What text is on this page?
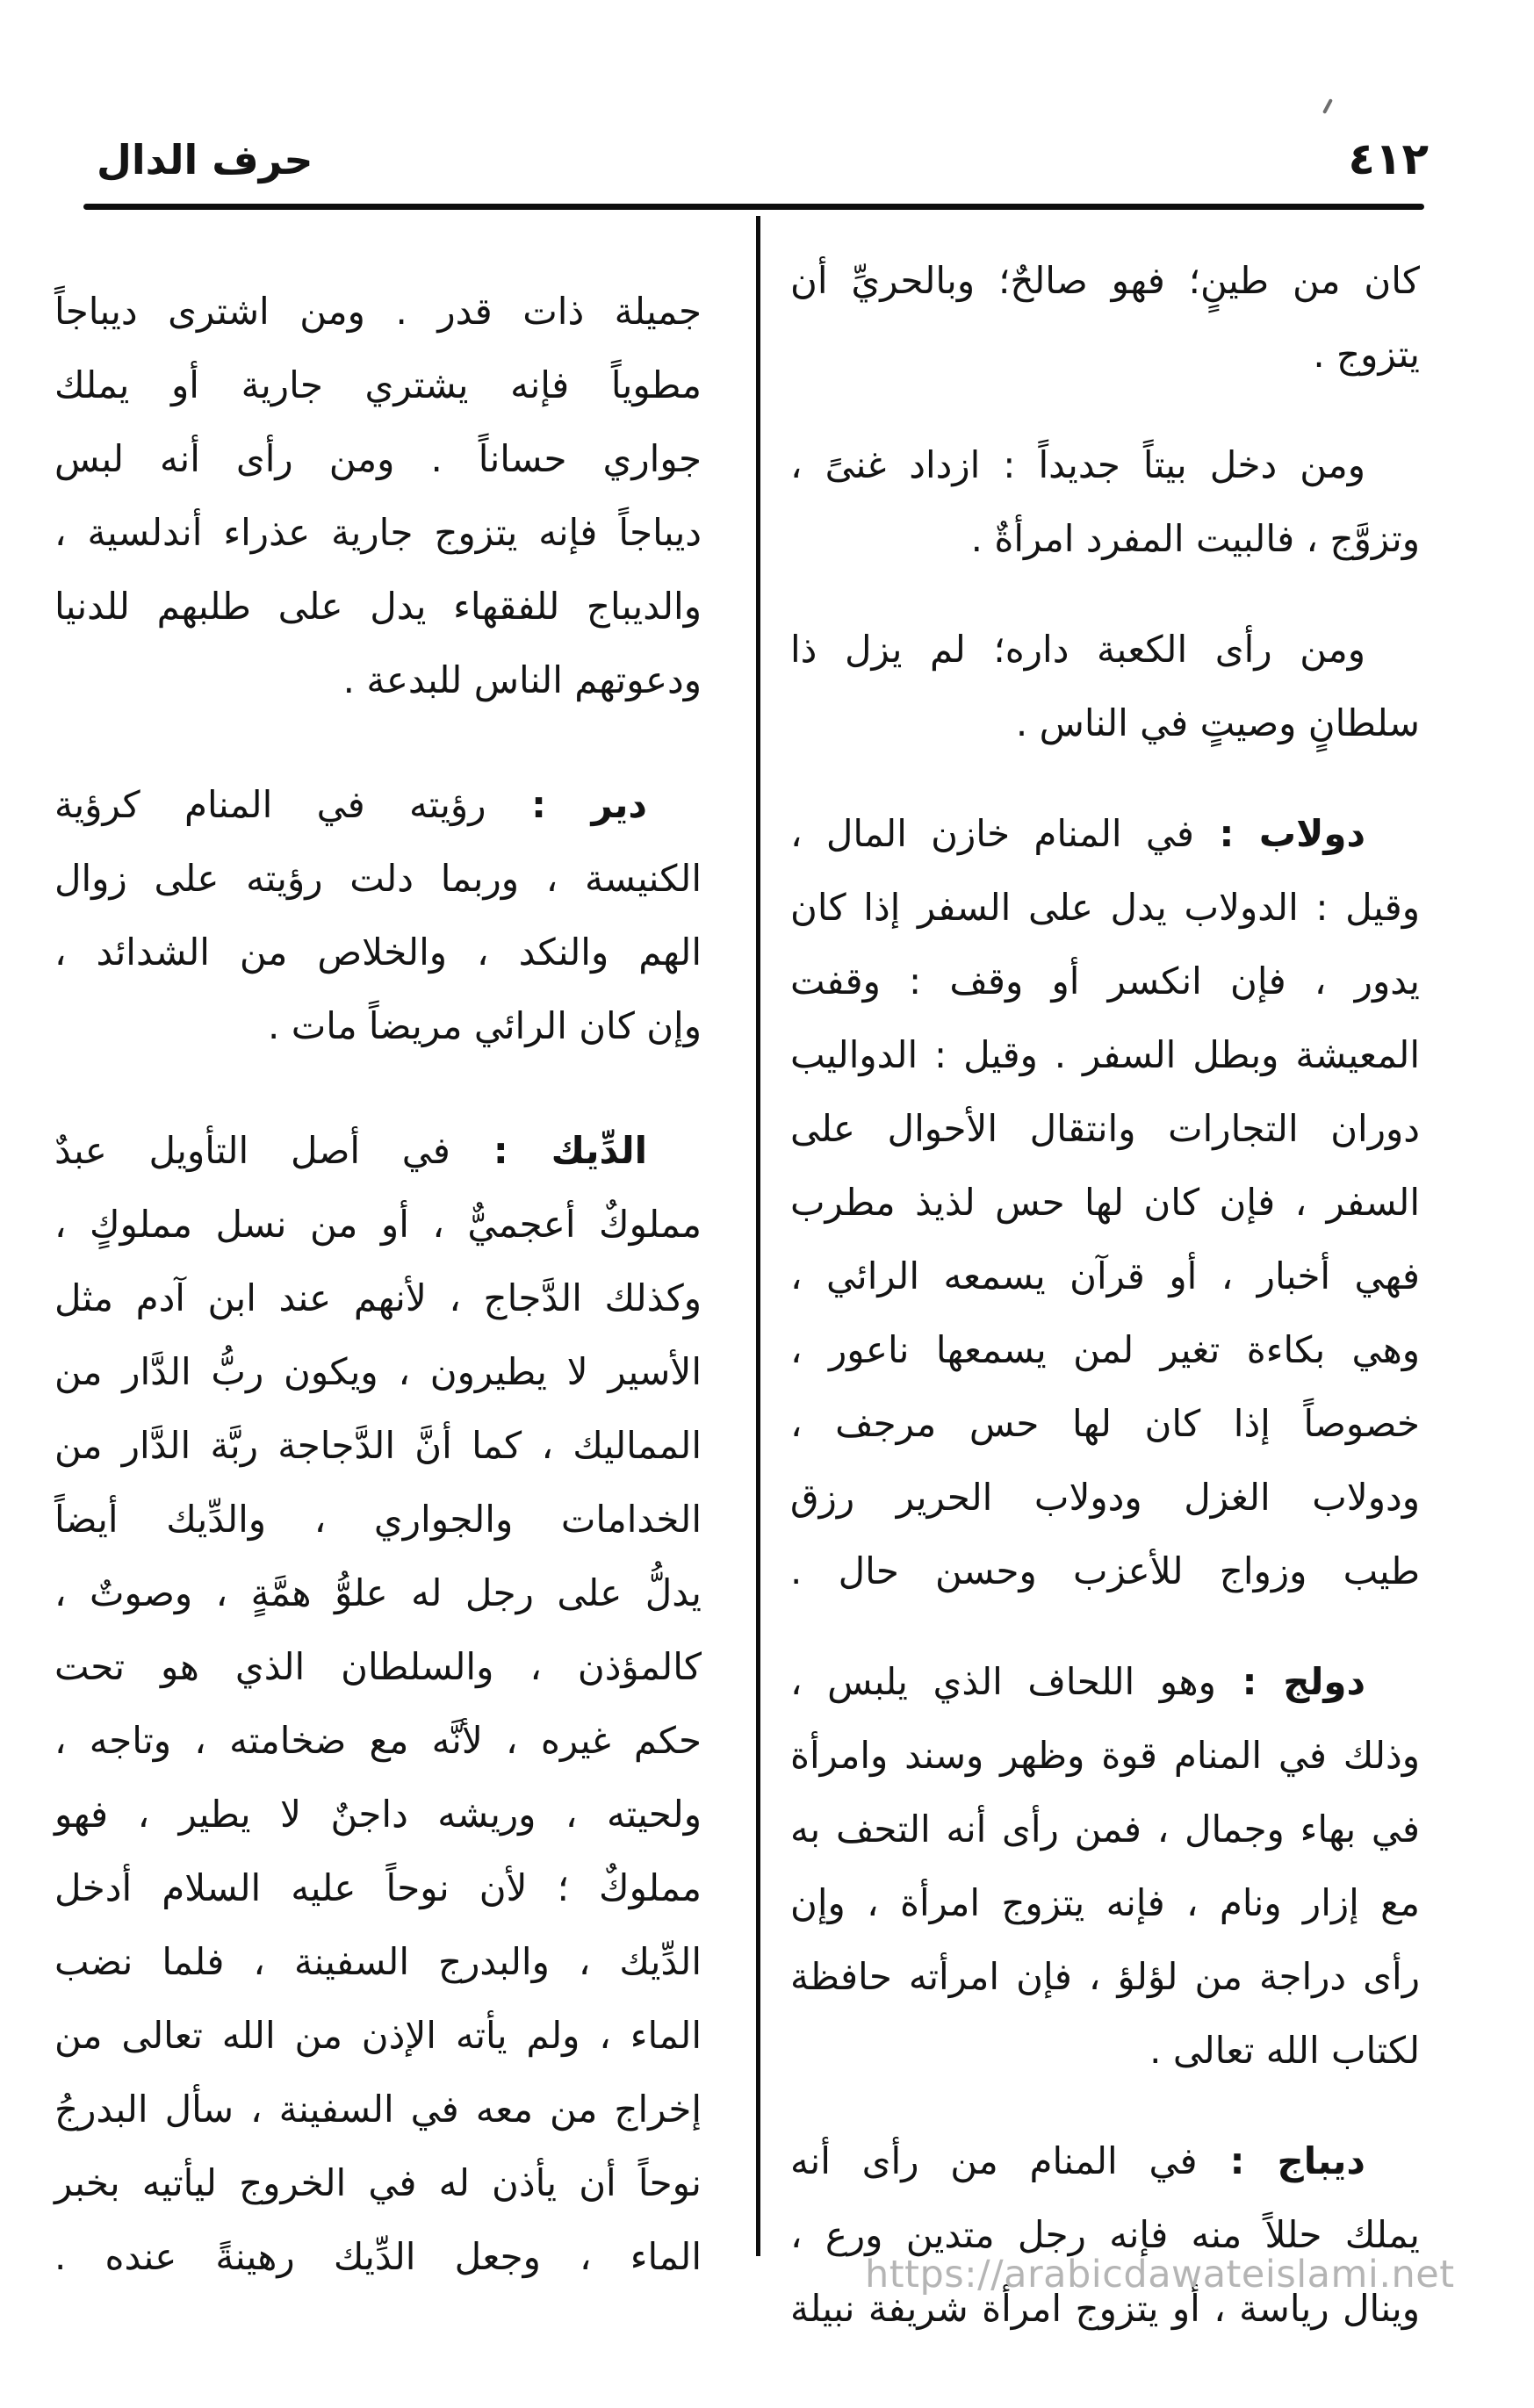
حرف الدال	٤١٢

كان من طينٍ؛ فهو صالحٌ؛ وبالحريِّ أن
يتزوج .

ومن دخل بيتاً جديداً : ازداد غنىً ،
وتزوَّج ، فالبيت المفرد امرأةٌ .

ومن رأى الكعبة داره؛ لم يزل ذا
سلطانٍ وصيتٍ في الناس .

دولاب : في المنام خازن المال ،
وقيل : الدولاب يدل على السفر إذا كان
يدور ، فإن انكسر أو وقف : وقفت
المعيشة وبطل السفر . وقيل : الدواليب
دوران التجارات وانتقال الأحوال على
السفر ، فإن كان لها حس لذيذ مطرب
فهي أخبار ، أو قرآن يسمعه الرائي ،
وهي بكاءة تغير لمن يسمعها ناعور ،
خصوصاً إذا كان لها حس مرجف ،
ودولاب الغزل ودولاب الحرير رزق
طيب وزواج للأعزب وحسن حال .

دولج : وهو اللحاف الذي يلبس ،
وذلك في المنام قوة وظهر وسند وامرأة
في بهاء وجمال ، فمن رأى أنه التحف به
مع إزار ونام ، فإنه يتزوج امرأة ، وإن
رأى دراجة من لؤلؤ ، فإن امرأته حافظة
لكتاب الله تعالى .

ديباج : في المنام من رأى أنه
يملك حللاً منه فإنه رجل متدين ورع ،
وينال رياسة ، أو يتزوج امرأة شريفة نبيلة

جميلة ذات قدر . ومن اشترى ديباجاً
مطوياً فإنه يشتري جارية أو يملك
جواري حساناً . ومن رأى أنه لبس
ديباجاً فإنه يتزوج جارية عذراء أندلسية ،
والديباج للفقهاء يدل على طلبهم للدنيا
ودعوتهم الناس للبدعة .

دير : رؤيته في المنام كرؤية
الكنيسة ، وربما دلت رؤيته على زوال
الهم والنكد ، والخلاص من الشدائد ،
وإن كان الرائي مريضاً مات .

الدِّيك : في أصل التأويل عبدٌ
مملوكٌ أعجميٌّ ، أو من نسل مملوكٍ ،
وكذلك الدَّجاج ، لأنهم عند ابن آدم مثل
الأسير لا يطيرون ، ويكون ربُّ الدَّار من
المماليك ، كما أنَّ الدَّجاجة ربَّة الدَّار من
الخدامات والجواري ، والدِّيك أيضاً
يدلُّ على رجل له علوُّ همَّةٍ ، وصوتٌ ،
كالمؤذن ، والسلطان الذي هو تحت
حكم غيره ، لأنَّه مع ضخامته ، وتاجه ،
ولحيته ، وريشه داجنٌ لا يطير ، فهو
مملوكٌ ؛ لأن نوحاً عليه السلام أدخل
الدِّيك ، والبدرج السفينة ، فلما نضب
الماء ، ولم يأته الإذن من الله تعالى من
إخراج من معه في السفينة ، سأل البدرجُ
نوحاً أن يأذن له في الخروج ليأتيه بخبر
الماء ، وجعل الدِّيك رهينةً عنده .	https://arabicdawateislami.net
